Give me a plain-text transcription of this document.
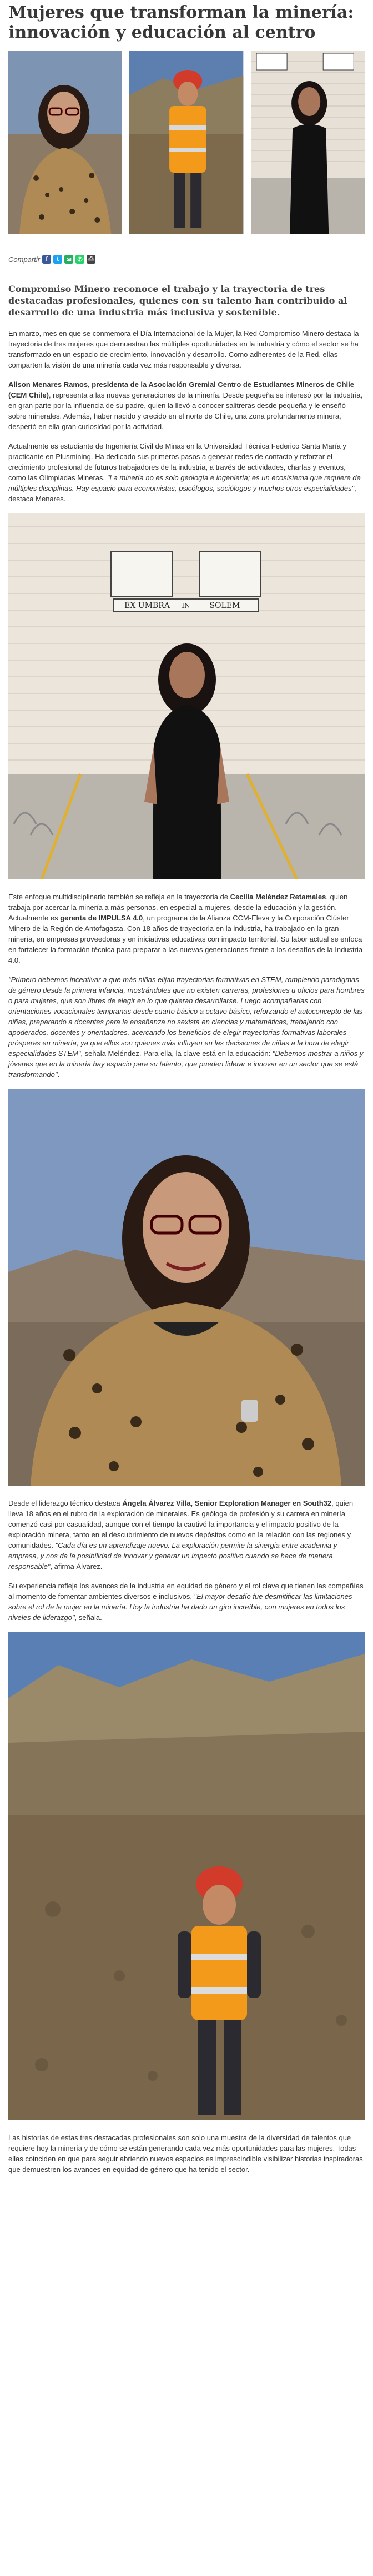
Mujeres que transforman la minería: innovación y educación al centro
Compartir f	t	✉ ✆ ⎙
Compromiso Minero reconoce el trabajo y la trayectoria de tres destacadas profesionales, quienes con su talento han contribuido al desarrollo de una industria más inclusiva y sostenible.

En marzo, mes en que se conmemora el Día Internacional de la Mujer, la Red Compromiso Minero destaca la trayectoria de tres mujeres que demuestran las múltiples oportunidades en la industria y cómo el sector se ha transformado en un espacio de crecimiento, innovación y desarrollo. Como adherentes de la Red, ellas comparten la visión de una minería cada vez más responsable y diversa.

Alison Menares Ramos, presidenta de la Asociación Gremial Centro de Estudiantes Mineros de Chile (CEM Chile), representa a las nuevas generaciones de la minería. Desde pequeña se interesó por la industria, en gran parte por la influencia de su padre, quien la llevó a conocer salitreras desde pequeña y le enseñó sobre minerales. Además, haber nacido y crecido en el norte de Chile, una zona profundamente minera, despertó en ella gran curiosidad por la actividad.

Actualmente es estudiante de Ingeniería Civil de Minas en la Universidad Técnica Federico Santa María y practicante en Plusmining. Ha dedicado sus primeros pasos a generar redes de contacto y reforzar el crecimiento profesional de futuros trabajadores de la industria, a través de actividades, charlas y eventos, como las Olimpiadas Mineras. "La minería no es solo geología e ingeniería; es un ecosistema que requiere de múltiples disciplinas. Hay espacio para economistas, psicólogos, sociólogos y muchos otros especialidades", destaca Menares.

EX UMBRA IN SOLEM

Este enfoque multidisciplinario también se refleja en la trayectoria de Cecilia Meléndez Retamales, quien trabaja por acercar la minería a más personas, en especial a mujeres, desde la educación y la gestión. Actualmente es gerenta de IMPULSA 4.0, un programa de la Alianza CCM-Eleva y la Corporación Clúster Minero de la Región de Antofagasta. Con 18 años de trayectoria en la industria, ha trabajado en la gran minería, en empresas proveedoras y en iniciativas educativas con impacto territorial. Su labor actual se enfoca en fortalecer la formación técnica para preparar a las nuevas generaciones frente a los desafíos de la Industria 4.0.

"Primero debemos incentivar a que más niñas elijan trayectorias formativas en STEM, rompiendo paradigmas de género desde la primera infancia, mostrándoles que no existen carreras, profesiones u oficios para hombres o para mujeres, que son libres de elegir en lo que quieran desarrollarse. Luego acompañarlas con orientaciones vocacionales tempranas desde cuarto básico a octavo básico, reforzando el autoconcepto de las niñas, preparando a docentes para la enseñanza no sexista en ciencias y matemáticas, trabajando con apoderados, docentes y orientadores, acercando los beneficios de elegir trayectorias formativas laborales prósperas en minería, ya que ellos son quienes más influyen en las decisiones de niñas a la hora de elegir especialidades STEM", señala Meléndez. Para ella, la clave está en la educación: "Debemos mostrar a niños y jóvenes que en la minería hay espacio para su talento, que pueden liderar e innovar en un sector que se está transformando".

Desde el liderazgo técnico destaca Ángela Álvarez Villa, Senior Exploration Manager en South32, quien lleva 18 años en el rubro de la exploración de minerales. Es geóloga de profesión y su carrera en minería comenzó casi por casualidad, aunque con el tiempo la cautivó la importancia y el impacto positivo de la exploración minera, tanto en el descubrimiento de nuevos depósitos como en la relación con las regiones y comunidades. "Cada día es un aprendizaje nuevo. La exploración permite la sinergia entre academia y empresa, y nos da la posibilidad de innovar y generar un impacto positivo cuando se hace de manera responsable", afirma Álvarez.

Su experiencia refleja los avances de la industria en equidad de género y el rol clave que tienen las compañías al momento de fomentar ambientes diversos e inclusivos. "El mayor desafío fue desmitificar las limitaciones sobre el rol de la mujer en la minería. Hoy la industria ha dado un giro increíble, con mujeres en todos los niveles de liderazgo", señala.

Las historias de estas tres destacadas profesionales son solo una muestra de la diversidad de talentos que requiere hoy la minería y de cómo se están generando cada vez más oportunidades para las mujeres. Todas ellas coinciden en que para seguir abriendo nuevos espacios es imprescindible visibilizar historias inspiradoras que demuestren los avances en equidad de género que ha tenido el sector.
